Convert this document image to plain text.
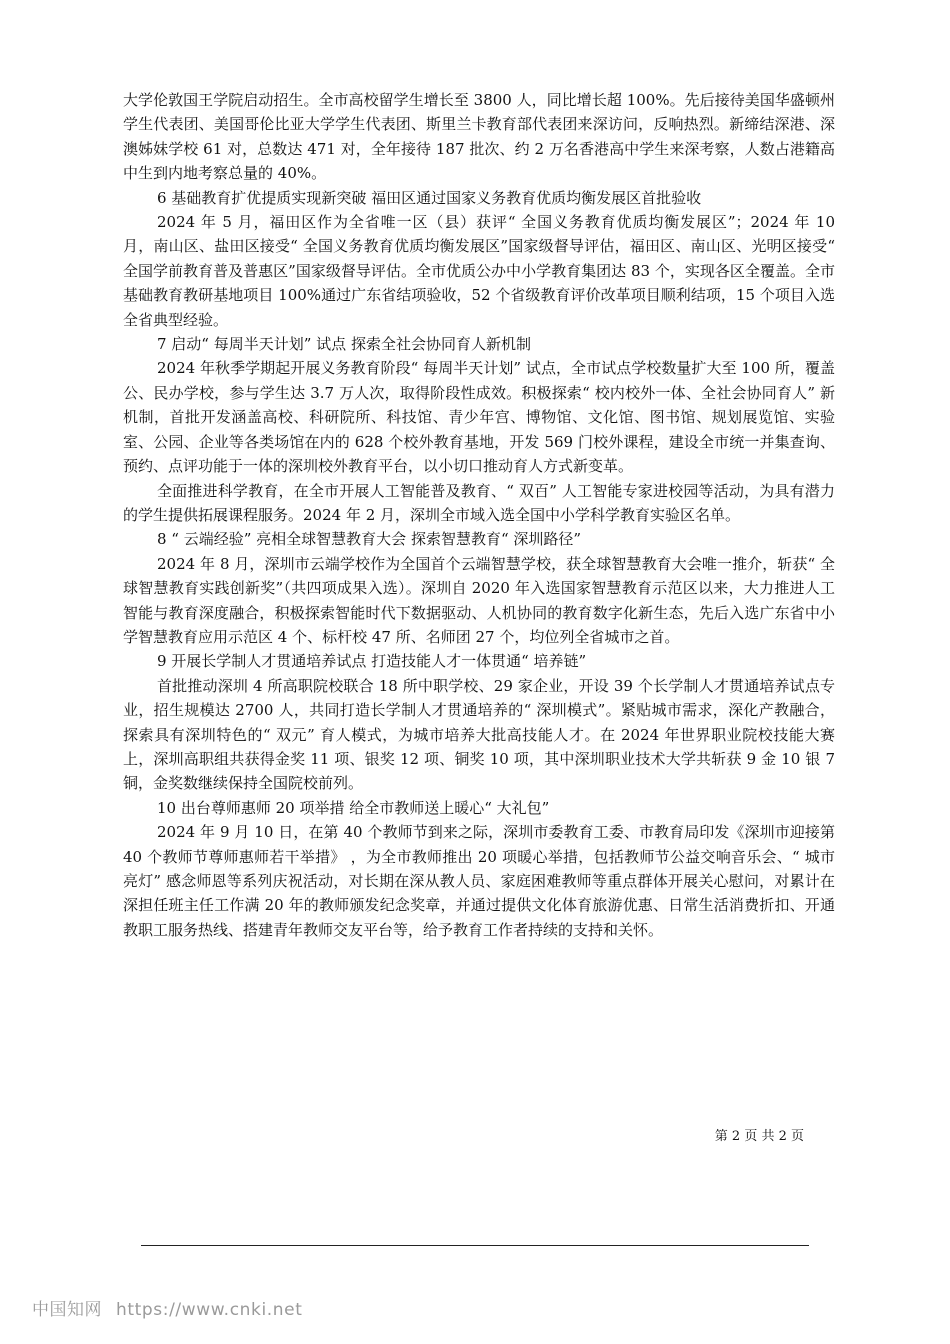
大学伦敦国王学院启动招生。全市高校留学生增长至 3800 人，同比增长超 100%。先后接待美国华盛顿州学生代表团、美国哥伦比亚大学学生代表团、斯里兰卡教育部代表团来深访问，反响热烈。新缔结深港、深澳姊妹学校 61 对，总数达 471 对，全年接待 187 批次、约 2 万名香港高中学生来深考察，人数占港籍高中生到内地考察总量的 40%。

6 基础教育扩优提质实现新突破 福田区通过国家义务教育优质均衡发展区首批验收

2024 年 5 月，福田区作为全省唯一区（县）获评“ 全国义务教育优质均衡发展区”；2024 年 10 月，南山区、盐田区接受“ 全国义务教育优质均衡发展区”国家级督导评估，福田区、南山区、光明区接受“ 全国学前教育普及普惠区”国家级督导评估。全市优质公办中小学教育集团达 83 个，实现各区全覆盖。全市基础教育教研基地项目 100%通过广东省结项验收，52 个省级教育评价改革项目顺利结项，15 个项目入选全省典型经验。

7 启动“ 每周半天计划” 试点 探索全社会协同育人新机制

2024 年秋季学期起开展义务教育阶段“ 每周半天计划” 试点，全市试点学校数量扩大至 100 所，覆盖公、民办学校，参与学生达 3.7 万人次，取得阶段性成效。积极探索“ 校内校外一体、全社会协同育人” 新机制，首批开发涵盖高校、科研院所、科技馆、青少年宫、博物馆、文化馆、图书馆、规划展览馆、实验室、公园、企业等各类场馆在内的 628 个校外教育基地，开发 569 门校外课程，建设全市统一并集查询、预约、点评功能于一体的深圳校外教育平台，以小切口推动育人方式新变革。

全面推进科学教育，在全市开展人工智能普及教育、“ 双百” 人工智能专家进校园等活动，为具有潜力的学生提供拓展课程服务。2024 年 2 月，深圳全市域入选全国中小学科学教育实验区名单。

8 “ 云端经验” 亮相全球智慧教育大会 探索智慧教育“ 深圳路径”

2024 年 8 月，深圳市云端学校作为全国首个云端智慧学校，获全球智慧教育大会唯一推介，斩获“ 全球智慧教育实践创新奖”（共四项成果入选）。深圳自 2020 年入选国家智慧教育示范区以来，大力推进人工智能与教育深度融合，积极探索智能时代下数据驱动、人机协同的教育数字化新生态，先后入选广东省中小学智慧教育应用示范区 4 个、标杆校 47 所、名师团 27 个，均位列全省城市之首。

9 开展长学制人才贯通培养试点 打造技能人才一体贯通“ 培养链”

首批推动深圳 4 所高职院校联合 18 所中职学校、29 家企业，开设 39 个长学制人才贯通培养试点专业，招生规模达 2700 人，共同打造长学制人才贯通培养的“ 深圳模式”。紧贴城市需求，深化产教融合，探索具有深圳特色的“ 双元” 育人模式，为城市培养大批高技能人才。在 2024 年世界职业院校技能大赛上，深圳高职组共获得金奖 11 项、银奖 12 项、铜奖 10 项，其中深圳职业技术大学共斩获 9 金 10 银 7 铜，金奖数继续保持全国院校前列。

10 出台尊师惠师 20 项举措 给全市教师送上暖心“ 大礼包”

2024 年 9 月 10 日，在第 40 个教师节到来之际，深圳市委教育工委、市教育局印发《深圳市迎接第 40 个教师节尊师惠师若干举措》 ，为全市教师推出 20 项暖心举措，包括教师节公益交响音乐会、“ 城市亮灯” 感念师恩等系列庆祝活动，对长期在深从教人员、家庭困难教师等重点群体开展关心慰问，对累计在深担任班主任工作满 20 年的教师颁发纪念奖章，并通过提供文化体育旅游优惠、日常生活消费折扣、开通教职工服务热线、搭建青年教师交友平台等，给予教育工作者持续的支持和关怀。

第 2 页 共 2 页
中国知网 https://www.cnki.net
